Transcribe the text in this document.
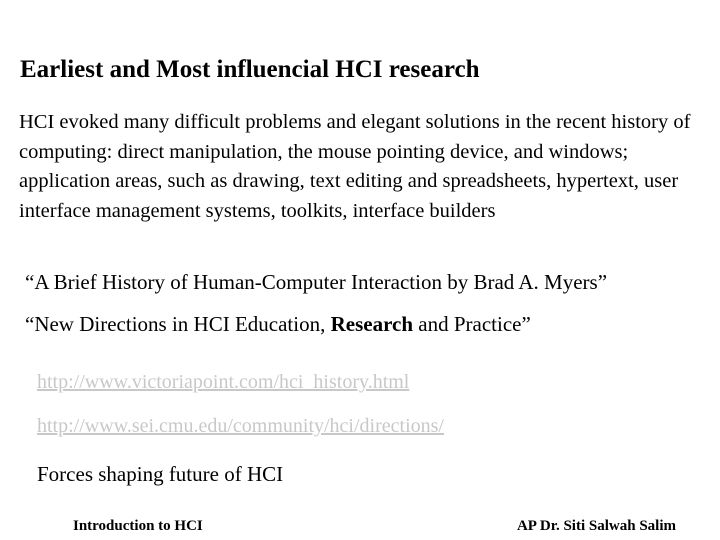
Earliest and Most influencial HCI research
HCI evoked many difficult problems and elegant solutions in the recent history of computing: direct manipulation, the mouse pointing device, and windows; application areas, such as drawing, text editing and spreadsheets, hypertext, user interface management systems, toolkits, interface builders
“A Brief History of Human-Computer Interaction by Brad A. Myers”
“New Directions in HCI Education, Research and Practice”
http://www.victoriapoint.com/hci_history.html
http://www.sei.cmu.edu/community/hci/directions/
Forces shaping future of HCI
Introduction to HCI	AP Dr. Siti Salwah Salim
